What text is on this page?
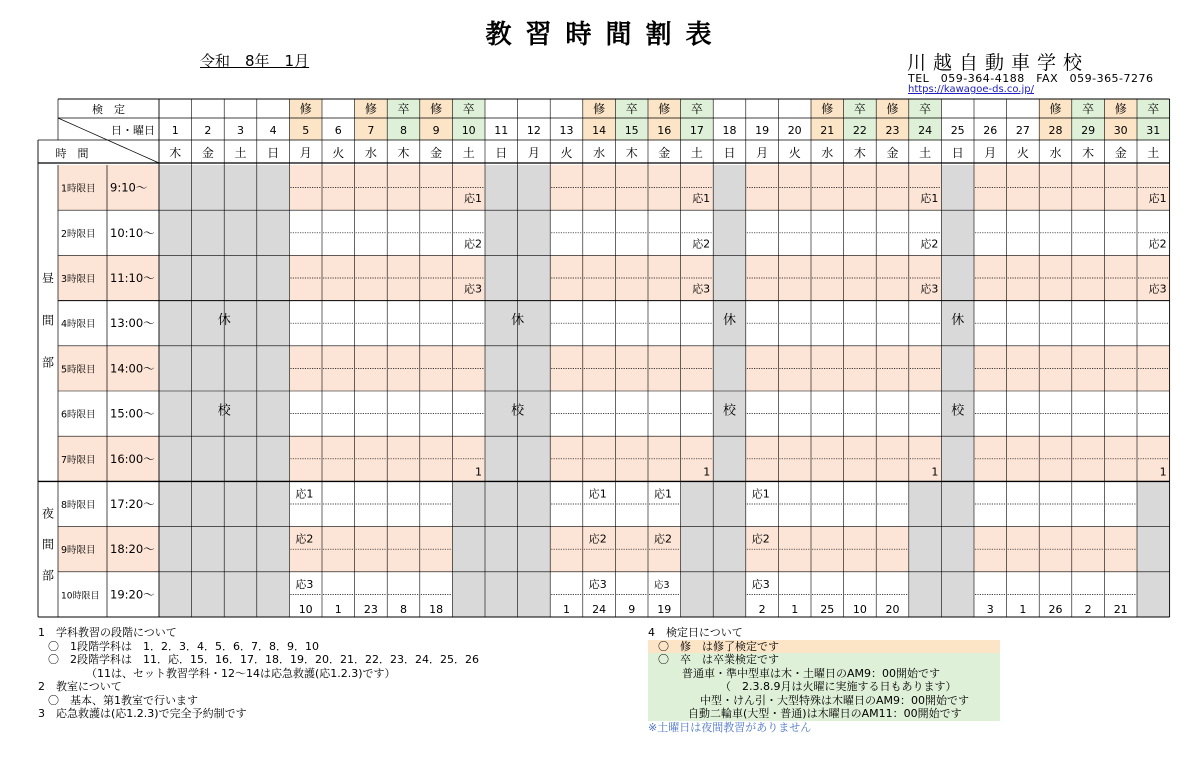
教習時間割表
令和　8年　1月	川越自動車学校
TEL　059-364-4188　FAX　059-365-7276
https://kawagoe-ds.co.jp/
休
校
休
校
休
校
休
校
検　定
日・曜日
時　間
1
木
2
金
3
土
4
日
修
5
月
6
火
修
7
水
卒
8
木
修
9
金
卒
10
土
11
日
12
月
13
火
修
14
水
卒
15
木
修
16
金
卒
17
土
18
日
19
月
20
火
修
21
水
卒
22
木
修
23
金
卒
24
土
25
日
26
月
27
火
修
28
水
卒
29
木
修
30
金
卒
31
土
昼
間
部
夜
間
部
1時限目 9:10～
2時限目 10:10～
3時限目 11:10～
4時限目 13:00～
5時限目 14:00～
6時限目 15:00～
7時限目 16:00～
8時限目 17:20～
9時限目 18:20～
10時限目 19:20～
応1
応2
応3
10 1 23 8 18
応1
応2
応3
1
1
応1
応2
応3
24 9
応1
応2
応3
19
応1
応2
応3
1
応1
応2
応3
2 1 25 10 20
応1
応2
応3
1
3 1 26 2 21
応1
応2
応3
1
1　学科教習の段階について
〇　1段階学科は　1．2．3．4．5．6．7．8．9．10
〇　2段階学科は　11．応．15．16．17．18．19．20．21．22．23．24．25．26
（11は、セット教習学科・12～14は応急救護(応1.2.3)です）
2　教室について
〇　基本、第1教室で行います
3　応急救護は(応1.2.3)で完全予約制です
4　検定日について
〇　修　は修了検定です
〇　卒　は卒業検定です
普通車・準中型車は木・土曜日のAM9：00開始です
（　2.3.8.9月は火曜に実施する日もあります）
中型・けん引・大型特殊は木曜日のAM9：00開始です
自動二輪車(大型・普通)は木曜日のAM11：00開始です
※土曜日は夜間教習がありません
